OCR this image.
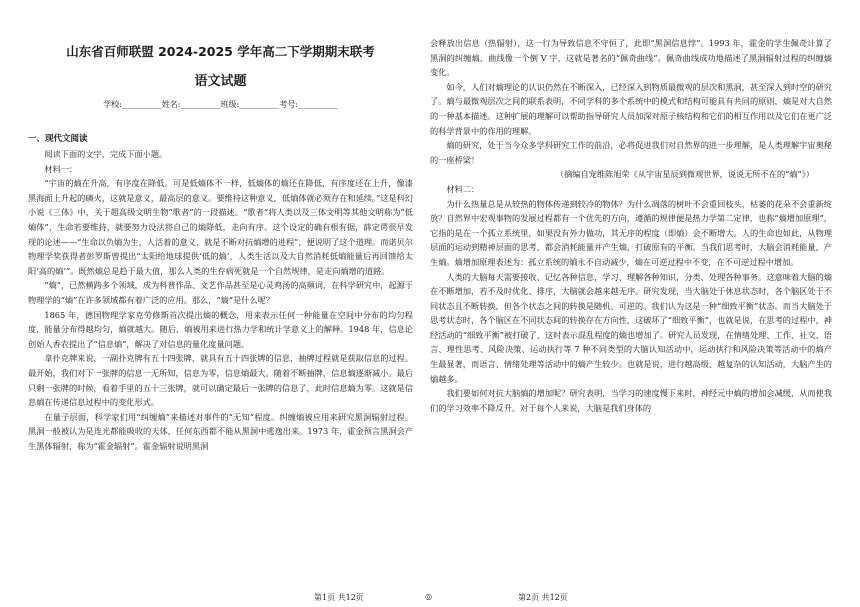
山东省百师联盟 2024-2025 学年高二下学期期末联考
语文试题
学校:__________姓名:__________班级:__________考号:__________
一、现代文阅读

阅读下面的文字，完成下面小题。

材料一：

“宇宙的熵在升高，有序度在降低。可是低熵体不一样，低熵体的熵还在降低，有序度还在上升，像漆黑海面上升起的磷火，这就是意义，最高层的意义。要维持这种意义，低熵体就必须存在和延续。”这是科幻小说《三体》中，关于超高级文明生物“歌者”的一段描述。“歌者”将人类以及三体文明等其他文明称为“低熵体”，生命若要维持，就要努力设法将自己的熵降低，走向有序。这个设定的确有根有据，薛定谔很早发现的论述——“生命以负熵为生，人活着的意义，就是不断对抗熵增的进程”，便说明了这个道理。而诺贝尔物理学奖获得者彭罗斯曾提出“太阳给地球提供‘低的熵’，人类生活以及大自然消耗低熵能量后再回馈给太阳‘高的熵’”。既然熵总是趋于最大值，那么人类的生存病死就是一个自然规律，是走向熵增的道路。

“熵”，已然横跨多个领域，成为科普作品、文艺作品甚至是心灵鸡汤的高频词，在科学研究中，起源于物理学的“熵”在许多领域都有着广泛的应用。那么，“熵”是什么呢？

1865 年，德国物理学家克劳修斯首次提出熵的概念，用来表示任何一种能量在空间中分布的均匀程度，能量分布得越均匀，熵就越大。随后，熵被用来进行热力学和统计学意义上的解释。1948 年，信息论创始人香农提出了“信息熵”，解决了对信息的量化度量问题。

拿扑克牌来说，一副扑克牌有五十四张牌，就具有五十四张牌的信息，抽牌过程就是获取信息的过程。最开始，我们对下一张牌的信息一无所知，信息为零，信息熵最大。随着不断抽牌，信息熵逐渐减小。最后只剩一张牌的时候，看着手里的五十三张牌，就可以确定最后一张牌的信息了，此时信息熵为零。这就是信息熵在传递信息过程中的变化形式。

在量子层面，科学家们用“纠缠熵”来描述对事件的“无知”程度。纠缠熵被应用来研究黑洞辐射过程。黑洞一般被认为是连光都能吸收的天体，任何东西都不能从黑洞中逃逸出来。1973 年，霍金预言黑洞会产生黑体辐射，称为“霍金辐射”。霍金辐射说明黑洞

会释放出信息（热辐射），这一行为导致信息不守恒了，此即“黑洞信息悖”。1993 年，霍金的学生佩奇计算了黑洞的纠缠熵，曲线像一个倒 V 字，这就是著名的“佩奇曲线”。佩奇曲线成功地描述了黑洞辐射过程的纠缠熵变化。

如今，人们对熵理论的认识仍然在不断深入，已经深入到物质最微观的层次和黑洞，甚至深入到时空的研究了。熵与最微观层次之间的联系表明，不同学科的多个系统中的模式和结构可能具有共同的原则，熵是对大自然的一种基本描述。这种扩展的理解可以帮助指导研究人员加深对原子核结构和它们的相互作用以及它们在更广泛的科学背景中的作用的理解。

熵的研究，处于当今众多学科研究工作的前沿，必将促进我们对自然界的进一步理解，是人类理解宇宙奥秘的一座桥梁！

（摘编自宠维陈旭荣《从宇宙星辰到微观世界，说说无所不在的“熵”》）

材料二：

为什么热量总是从较热的物体传递到较冷的物体？为什么凋落的树叶不会重回枝头，枯萎的花朵不会重新绽放？自然界中宏观事物的发展过程都有一个优先的方向，遵循的规律便是热力学第二定律，也称“熵增加原理”，它指的是在一个孤立系统里，如果没有外力做功，其无序的程度（即熵）会不断增大。人的生命也如此，从物理层面的运动到精神层面的思考，都会消耗能量并产生熵，打破原有的平衡。当我们思考时，大脑会消耗能量，产生熵。熵增加原理表述为：孤立系统的熵永不自动减少，熵在可逆过程中不变，在不可逆过程中增加。

人类的大脑每天需要接收、记忆各种信息，学习、理解各种知识，分类、处理各种事务。这意味着大脑的熵在不断增加，若不及时优化、排序，大脑就会越来越无序。研究发现，当大脑处于休息状态时，各个脑区处于不同状态且不断转换，但各个状态之间的转换是随机、可逆的。我们认为这是一种“细致平衡”状态。而当大脑处于思考状态时，各个脑区在不同状态间的转换存在方向性，这破坏了“细致平衡”，也就是说，在思考的过程中，神经活动的“细致平衡”被打破了，这时表示混乱程度的熵也增加了。研究人员发现，在情绪处理、工作、社交、语言、理性思考、风险决策、运动执行等 7 种不同类型的大脑认知活动中，运动执行和风险决策等活动中的熵产生最显著，而语言、情绪处理等活动中的熵产生较少。也就是说，进行越高级、越复杂的认知活动，大脑产生的熵越多。

我们要如何对抗大脑熵的增加呢？研究表明，当学习的速度慢下来时，神经元中熵的增加会减缓，从而使我们的学习效率不降反升。对于每个人来说，大脑是我们身体的

第1页 共12页	◎	第2页 共12页
